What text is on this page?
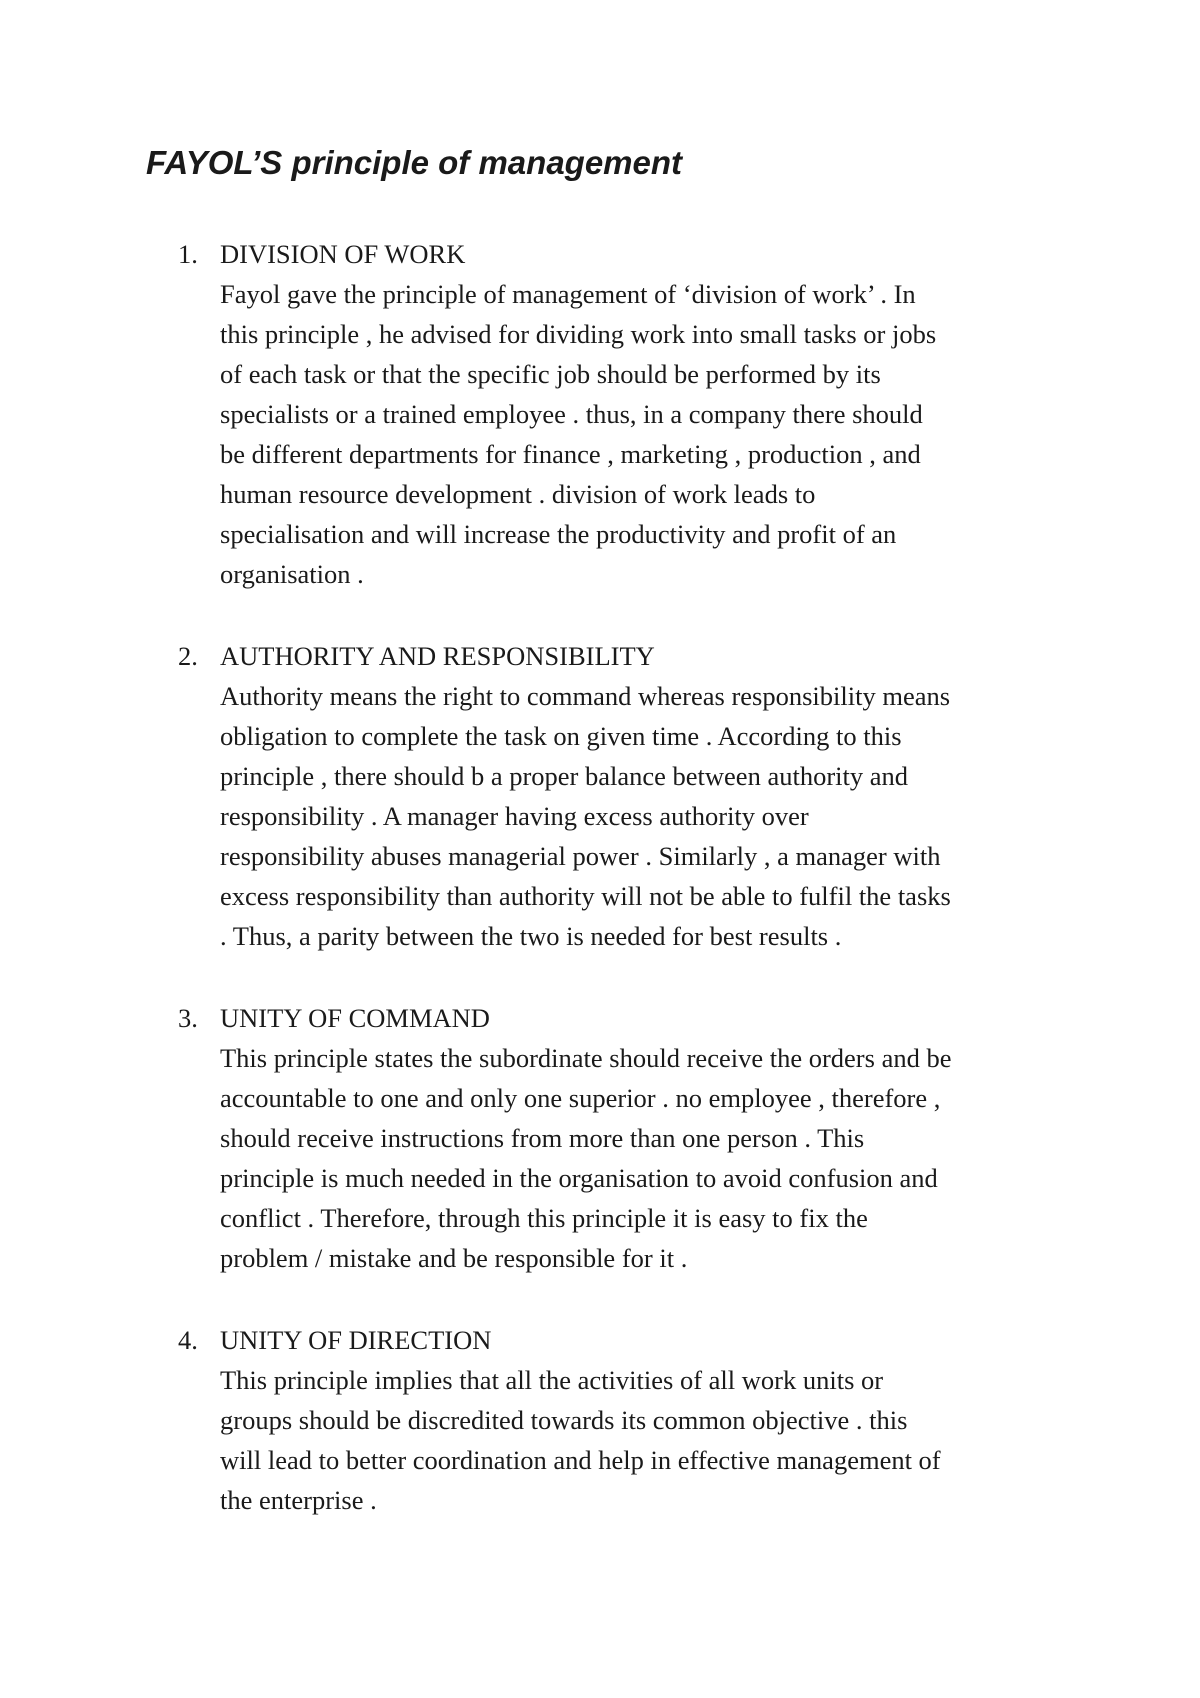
FAYOL’S principle of management
1. DIVISION OF WORK
Fayol gave the principle of management of ‘division of work’ . In
this principle , he advised for dividing work into small tasks or jobs
of each task or that the specific job should be performed by its
specialists or a trained employee . thus, in a company there should
be different departments for finance , marketing , production , and
human resource development . division of work leads to
specialisation and will increase the productivity and profit of an
organisation .
2. AUTHORITY AND RESPONSIBILITY
Authority means the right to command whereas responsibility means
obligation to complete the task on given time . According to this
principle , there should b a proper balance between authority and
responsibility . A manager having excess authority over
responsibility abuses managerial power . Similarly , a manager with
excess responsibility than authority will not be able to fulfil the tasks
. Thus, a parity between the two is needed for best results .
3. UNITY OF COMMAND
This principle states the subordinate should receive the orders and be
accountable to one and only one superior . no employee , therefore ,
should receive instructions from more than one person . This
principle is much needed in the organisation to avoid confusion and
conflict . Therefore, through this principle it is easy to fix the
problem / mistake and be responsible for it .
4. UNITY OF DIRECTION
This principle implies that all the activities of all work units or
groups should be discredited towards its common objective . this
will lead to better coordination and help in effective management of
the enterprise .
